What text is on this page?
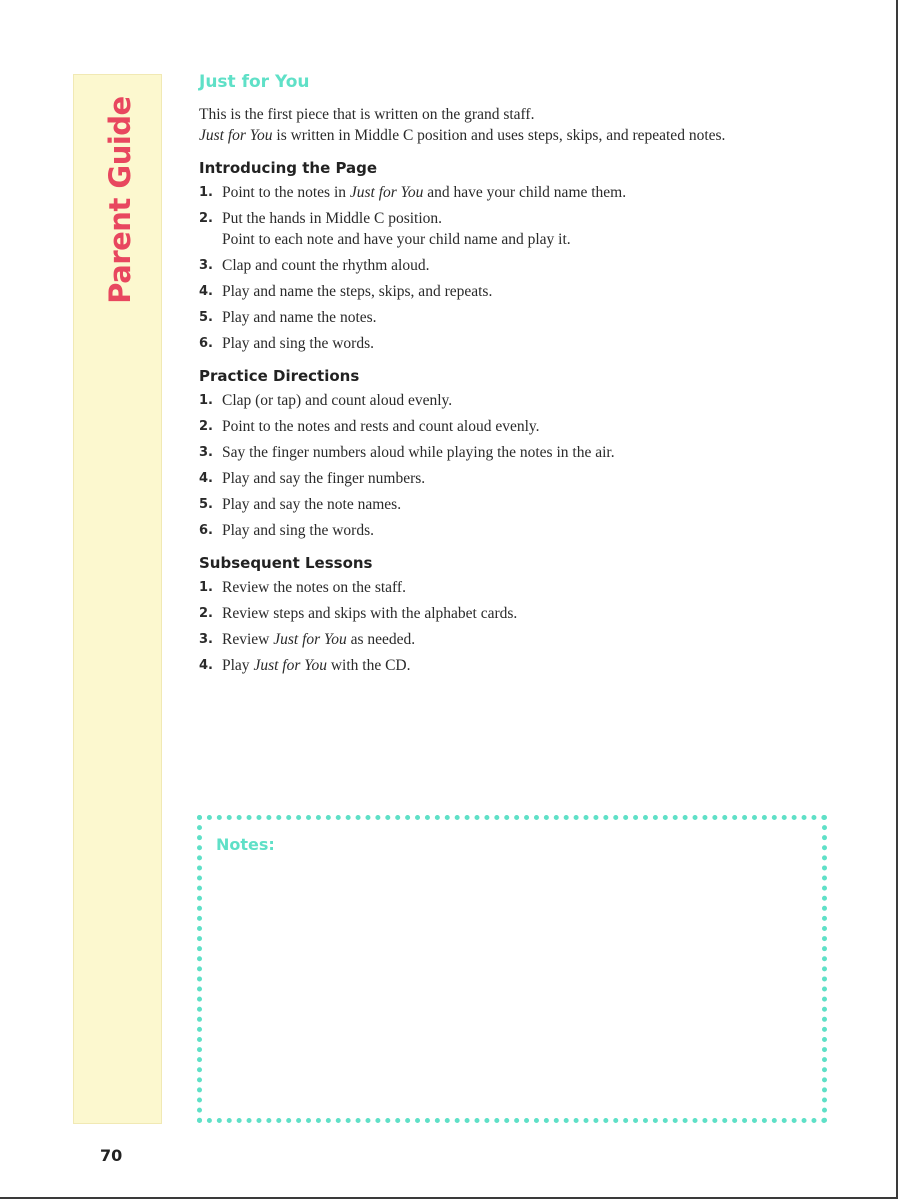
Parent Guide
Just for You

This is the first piece that is written on the grand staff.
Just for You is written in Middle C position and uses steps, skips, and repeated notes.

Introducing the Page
1. Point to the notes in Just for You and have your child name them.
2. Put the hands in Middle C position.
Point to each note and have your child name and play it.
3. Clap and count the rhythm aloud.
4. Play and name the steps, skips, and repeats.
5. Play and name the notes.
6. Play and sing the words.
Practice Directions
1. Clap (or tap) and count aloud evenly.
2. Point to the notes and rests and count aloud evenly.
3. Say the finger numbers aloud while playing the notes in the air.
4. Play and say the finger numbers.
5. Play and say the note names.
6. Play and sing the words.
Subsequent Lessons
1. Review the notes on the staff.
2. Review steps and skips with the alphabet cards.
3. Review Just for You as needed.
4. Play Just for You with the CD.
Notes:
70
